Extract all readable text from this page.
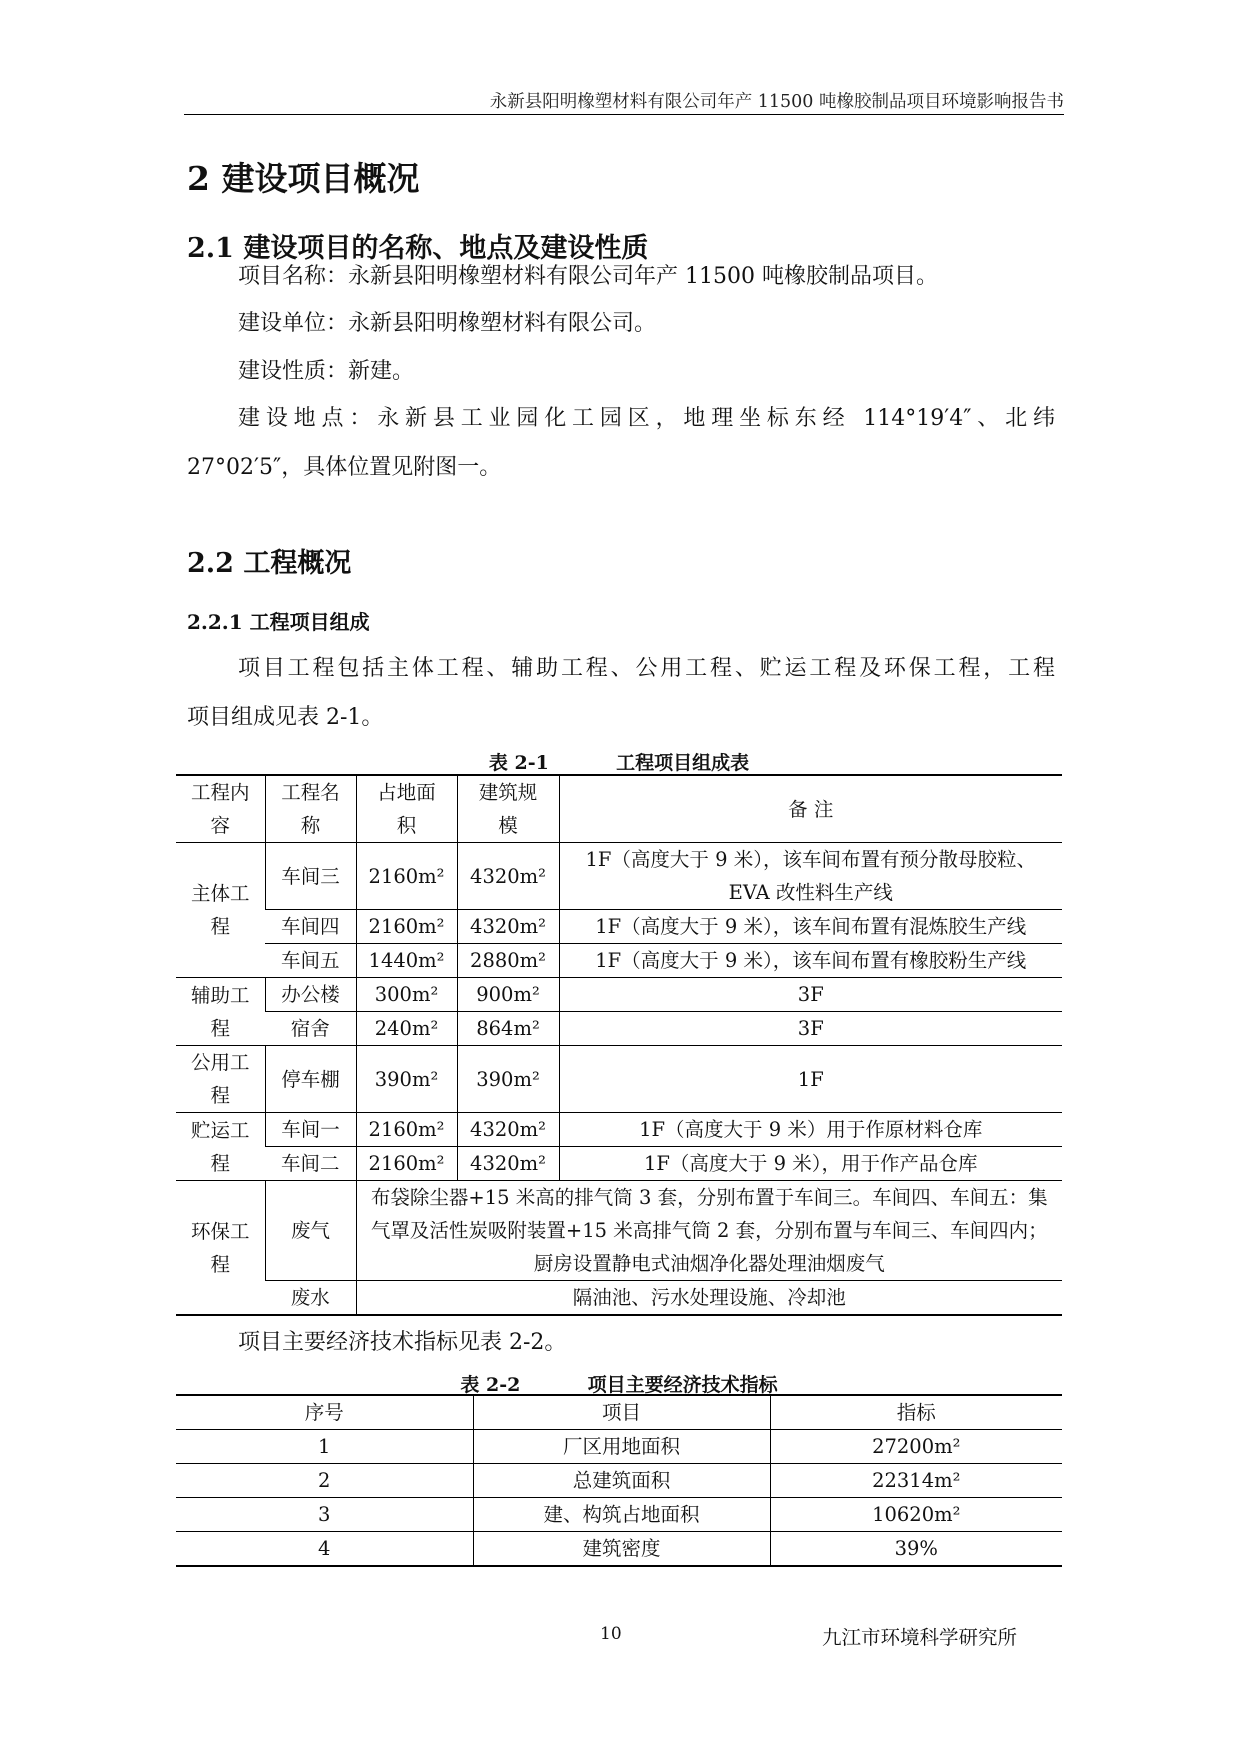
永新县阳明橡塑材料有限公司年产 11500 吨橡胶制品项目环境影响报告书
2 建设项目概况
2.1 建设项目的名称、地点及建设性质
项目名称：永新县阳明橡塑材料有限公司年产 11500 吨橡胶制品项目。
建设单位：永新县阳明橡塑材料有限公司。
建设性质：新建。
建设地点：永新县工业园化工园区，地理坐标东经 114°19′4″、北纬
27°02′5″，具体位置见附图一。
2.2 工程概况
2.2.1 工程项目组成
项目工程包括主体工程、辅助工程、公用工程、贮运工程及环保工程，工程
项目组成见表 2-1。
表 2-1	工程项目组成表
工程内容	工程名称	占地面积	建筑规模	备 注
主体工程	车间三	2160m²	4320m²	1F（高度大于 9 米），该车间布置有预分散母胶粒、EVA 改性料生产线
	车间四	2160m²	4320m²	1F（高度大于 9 米），该车间布置有混炼胶生产线
	车间五	1440m²	2880m²	1F（高度大于 9 米），该车间布置有橡胶粉生产线
辅助工程	办公楼	300m²	900m²	3F
	宿舍	240m²	864m²	3F
公用工程	停车棚	390m²	390m²	1F
贮运工程	车间一	2160m²	4320m²	1F（高度大于 9 米）用于作原材料仓库
	车间二	2160m²	4320m²	1F（高度大于 9 米），用于作产品仓库
环保工程	废气	布袋除尘器+15 米高的排气筒 3 套，分别布置于车间三。车间四、车间五：集气罩及活性炭吸附装置+15 米高排气筒 2 套，分别布置与车间三、车间四内；厨房设置静电式油烟净化器处理油烟废气		
	废水	隔油池、污水处理设施、冷却池		
项目主要经济技术指标见表 2-2。
表 2-2	项目主要经济技术指标
序号	项目	指标
1	厂区用地面积	27200m²
2	总建筑面积	22314m²
3	建、构筑占地面积	10620m²
4	建筑密度	39%
10	九江市环境科学研究所
